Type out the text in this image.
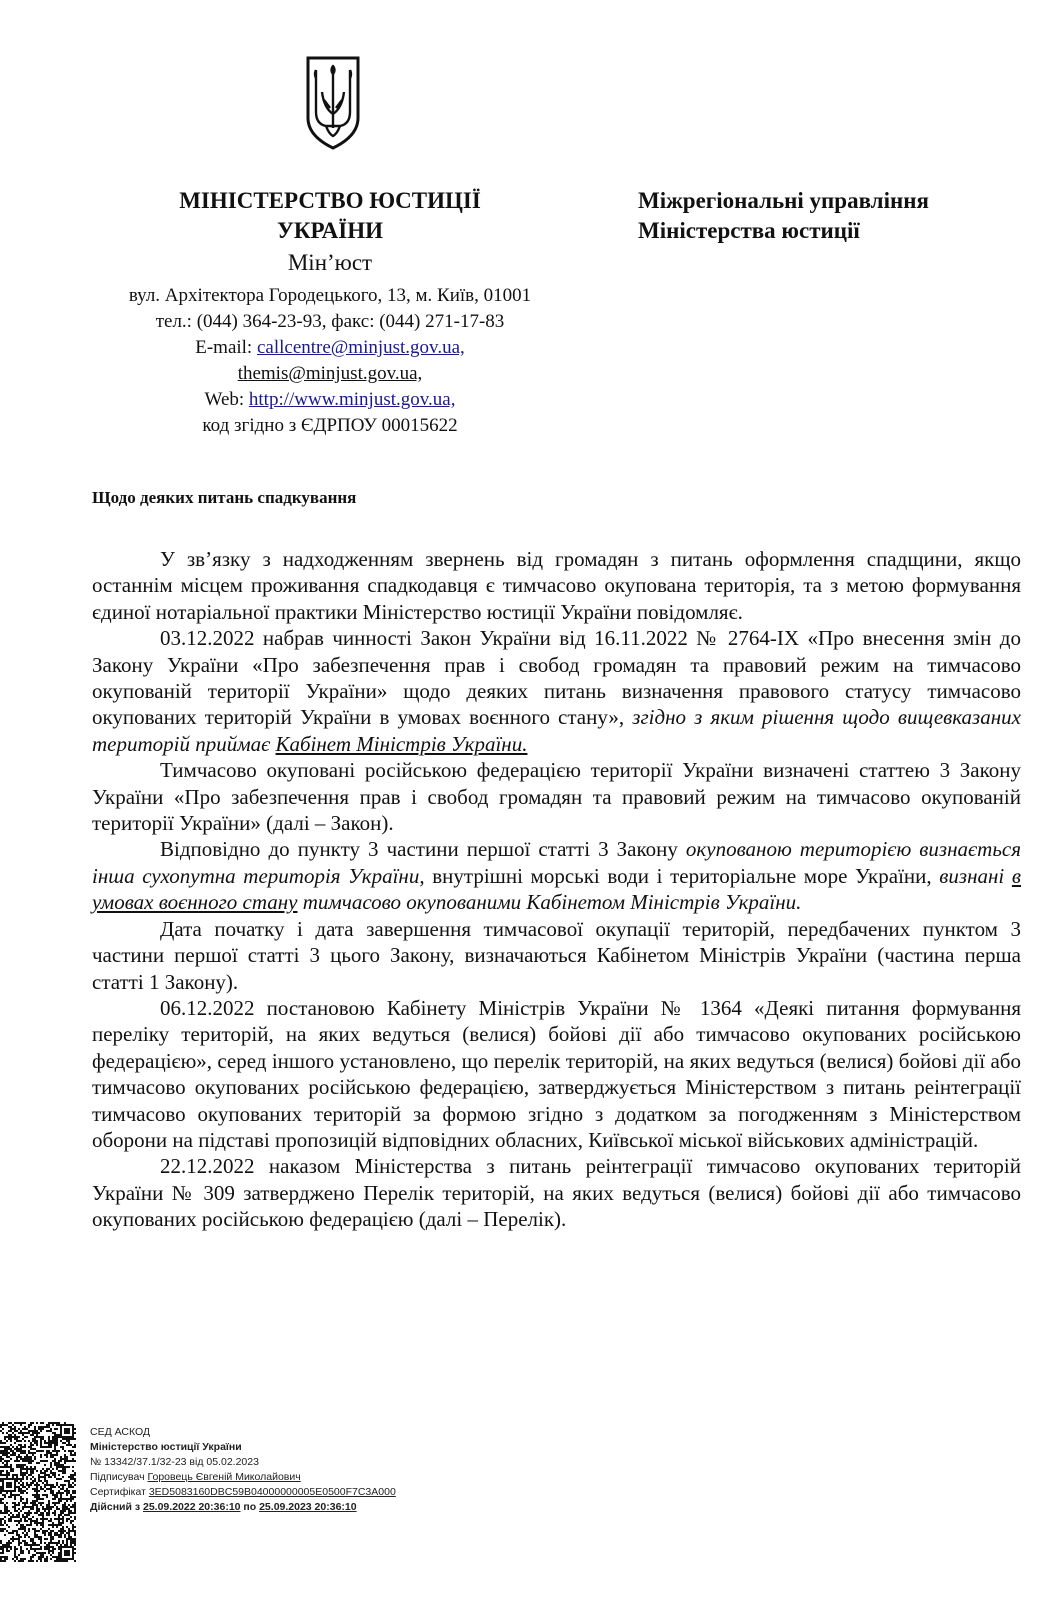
МІНІСТЕРСТВО ЮСТИЦІЇ
УКРАЇНИ
Мін’юст
вул. Архітектора Городецького, 13, м. Київ, 01001
тел.: (044) 364-23-93, факс: (044) 271-17-83
E-mail: callcentre@minjust.gov.ua,
themis@minjust.gov.ua,
Web: http://www.minjust.gov.ua,
код згідно з ЄДРПОУ 00015622
Міжрегіональні управління
Міністерства юстиції
Щодо деяких питань спадкування

У зв’язку з надходженням звернень від громадян з питань оформлення спадщини, якщо останнім місцем проживання спадкодавця є тимчасово окупована територія, та з метою формування єдиної нотаріальної практики Міністерство юстиції України повідомляє.

03.12.2022 набрав чинності Закон України від 16.11.2022 № 2764-IX «Про внесення змін до Закону України «Про забезпечення прав і свобод громадян та правовий режим на тимчасово окупованій території України» щодо деяких питань визначення правового статусу тимчасово окупованих територій України в умовах воєнного стану», згідно з яким рішення щодо вищевказаних територій приймає Кабінет Міністрів України.

Тимчасово окуповані російською федерацією території України визначені статтею 3 Закону України «Про забезпечення прав і свобод громадян та правовий режим на тимчасово окупованій території України» (далі – Закон).

Відповідно до пункту 3 частини першої статті 3 Закону окупованою територією визнається інша сухопутна територія України, внутрішні морські води і територіальне море України, визнані в умовах воєнного стану тимчасово окупованими Кабінетом Міністрів України.

Дата початку і дата завершення тимчасової окупації територій, передбачених пунктом 3 частини першої статті 3 цього Закону, визначаються Кабінетом Міністрів України (частина перша статті 1 Закону).

06.12.2022 постановою Кабінету Міністрів України № 1364 «Деякі питання формування переліку територій, на яких ведуться (велися) бойові дії або тимчасово окупованих російською федерацією», серед іншого установлено, що перелік територій, на яких ведуться (велися) бойові дії або тимчасово окупованих російською федерацією, затверджується Міністерством з питань реінтеграції тимчасово окупованих територій за формою згідно з додатком за погодженням з Міністерством оборони на підставі пропозицій відповідних обласних, Київської міської військових адміністрацій.

22.12.2022 наказом Міністерства з питань реінтеграції тимчасово окупованих територій України № 309 затверджено Перелік територій, на яких ведуться (велися) бойові дії або тимчасово окупованих російською федерацією (далі – Перелік).

СЕД АСКОД
Міністерство юстиції України
№ 13342/37.1/32-23 від 05.02.2023
Підписувач Горовець Євгеній Миколайович
Сертифікат 3ED5083160DBC59B04000000005E0500F7C3A000
Дійсний з 25.09.2022 20:36:10 по 25.09.2023 20:36:10
